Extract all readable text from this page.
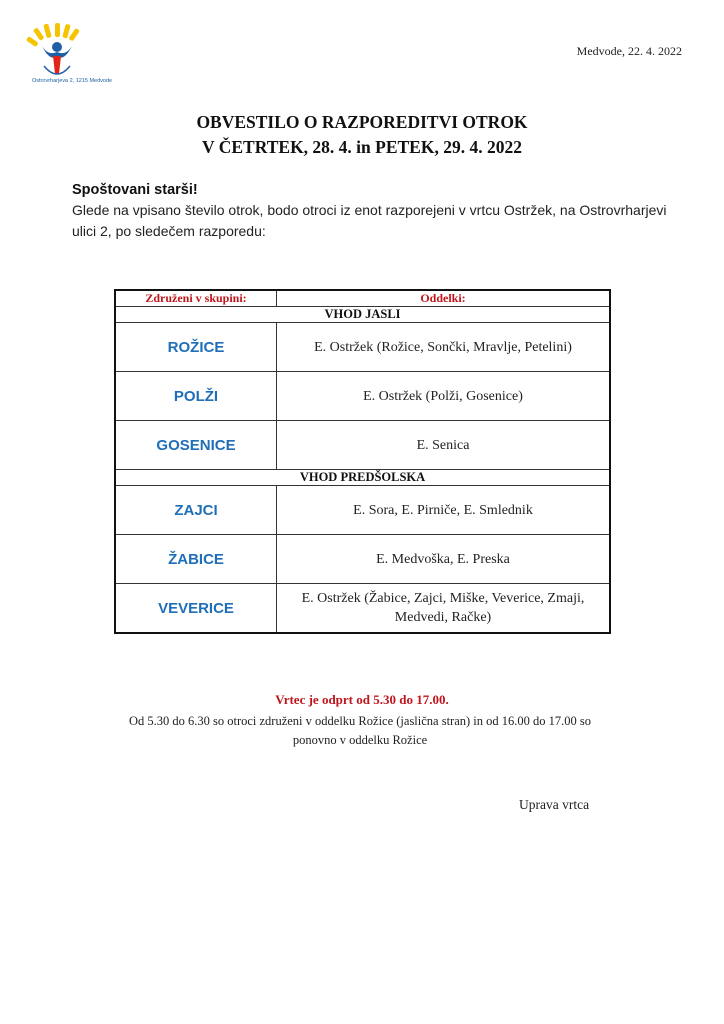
Ostrovrharjeva 2, 1215 Medvode
Medvode, 22. 4. 2022
OBVESTILO O RAZPOREDITVI OTROK
V ČETRTEK, 28. 4. in PETEK, 29. 4. 2022
Spoštovani starši!
Glede na vpisano število otrok, bodo otroci iz enot razporejeni v vrtcu Ostržek, na Ostrovrharjevi ulici 2, po sledečem razporedu:
Združeni v skupini:	Oddelki:
VHOD JASLI	
ROŽICE	E. Ostržek (Rožice, Sončki, Mravlje, Petelini)
POLŽI	E. Ostržek (Polži, Gosenice)
GOSENICE	E. Senica
VHOD PREDŠOLSKA	
ZAJCI	E. Sora, E. Pirniče, E. Smlednik
ŽABICE	E. Medvoška, E. Preska
VEVERICE	E. Ostržek (Žabice, Zajci, Miške, Veverice, Zmaji, Medvedi, Račke)
Vrtec je odprt od 5.30 do 17.00.
Od 5.30 do 6.30 so otroci združeni v oddelku Rožice (jaslična stran) in od 16.00 do 17.00 so ponovno v oddelku Rožice
Uprava vrtca
